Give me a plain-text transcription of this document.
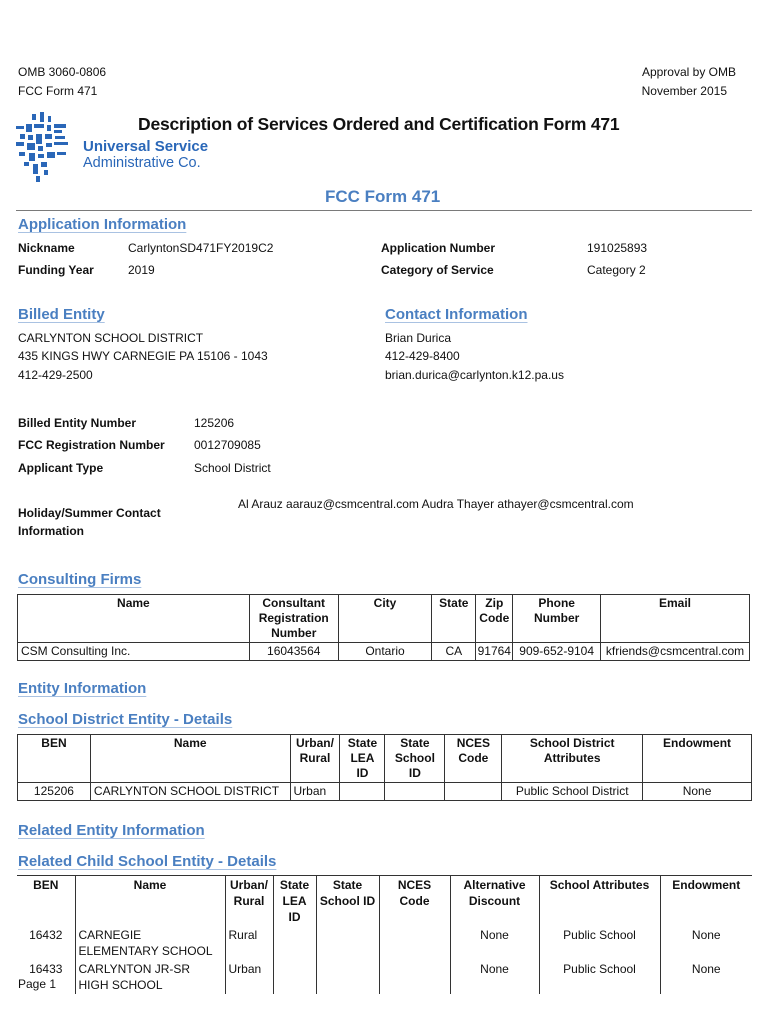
OMB 3060-0806
FCC Form 471
Approval by OMB
November 2015
Universal Service
Administrative Co.
Description of Services Ordered and Certification Form 471
FCC Form 471
Application Information
Nickname	CarlyntonSD471FY2019C2	Application Number	191025893
Funding Year	2019	Category of Service	Category 2
Billed Entity
CARLYNTON SCHOOL DISTRICT
435 KINGS HWY CARNEGIE PA 15106 - 1043
412-429-2500
Contact Information
Brian Durica
412-429-8400
brian.durica@carlynton.k12.pa.us
Billed Entity Number	125206
FCC Registration Number 0012709085
Applicant Type	School District
Holiday/Summer Contact
Information
Al Arauz aarauz@csmcentral.com Audra Thayer athayer@csmcentral.com
Consulting Firms
Name	Consultant Registration Number	City	State	Zip Code	Phone Number	Email
CSM Consulting Inc.	16043564	Ontario	CA	91764	909-652-9104	kfriends@csmcentral.com
Entity Information
School District Entity - Details
BEN	Name	Urban/ Rural	State LEA ID	State School ID	NCES Code	School District Attributes	Endowment
125206	CARLYNTON SCHOOL DISTRICT	Urban				Public School District	None
Related Entity Information
Related Child School Entity - Details
BEN	Name	Urban/ Rural	State LEA ID	State School ID	NCES Code	Alternative Discount	School Attributes	Endowment
16432	CARNEGIE ELEMENTARY SCHOOL	Rural				None	Public School	None
16433	CARLYNTON JR-SR HIGH SCHOOL	Urban				None	Public School	None
Page 1
